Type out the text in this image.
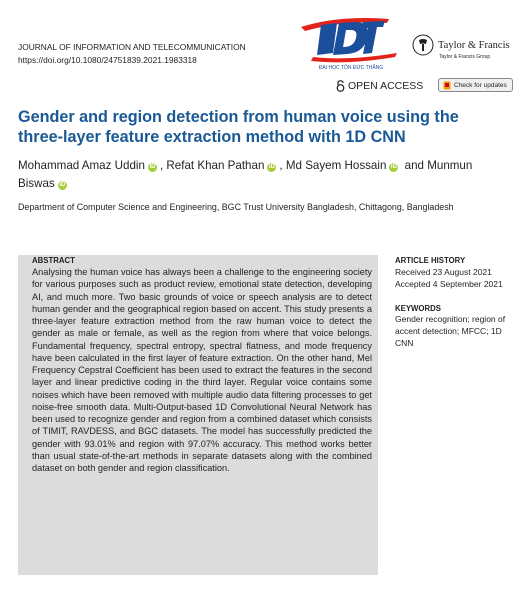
JOURNAL OF INFORMATION AND TELECOMMUNICATION
https://doi.org/10.1080/24751839.2021.1983318
ĐẠI HỌC TÔN ĐỨC THẮNG
Taylor & Francis
Taylor & Francis Group
OPEN ACCESS	Check for updates
Gender and region detection from human voice using the three-layer feature extraction method with 1D CNN
Mohammad Amaz Uddin iD , Refat Khan Pathan iD , Md Sayem Hossain iD and Munmun Biswas iD
Department of Computer Science and Engineering, BGC Trust University Bangladesh, Chittagong, Bangladesh
ABSTRACT
Analysing the human voice has always been a challenge to the engineering society for various purposes such as product review, emotional state detection, developing AI, and much more. Two basic grounds of voice or speech analysis are to detect human gender and the geographical region based on accent. This study presents a three-layer feature extraction method from the raw human voice to detect the gender as male or female, as well as the region from where that voice belongs. Fundamental frequency, spectral entropy, spectral flatness, and mode frequency have been calculated in the first layer of feature extraction. On the other hand, Mel Frequency Cepstral Coefficient has been used to extract the features in the second layer and linear predictive coding in the third layer. Regular voice contains some noises which have been removed with multiple audio data filtering processes to get noise-free smooth data. Multi-Output-based 1D Convolutional Neural Network has been used to recognize gender and region from a combined dataset which consists of TIMIT, RAVDESS, and BGC datasets. The model has successfully predicted the gender with 93.01% and region with 97.07% accuracy. This method works better than usual state-of-the-art methods in separate datasets along with the combined dataset on both gender and region classification.
ARTICLE HISTORY
Received 23 August 2021
Accepted 4 September 2021
KEYWORDS
Gender recognition; region of accent detection; MFCC; 1D CNN
